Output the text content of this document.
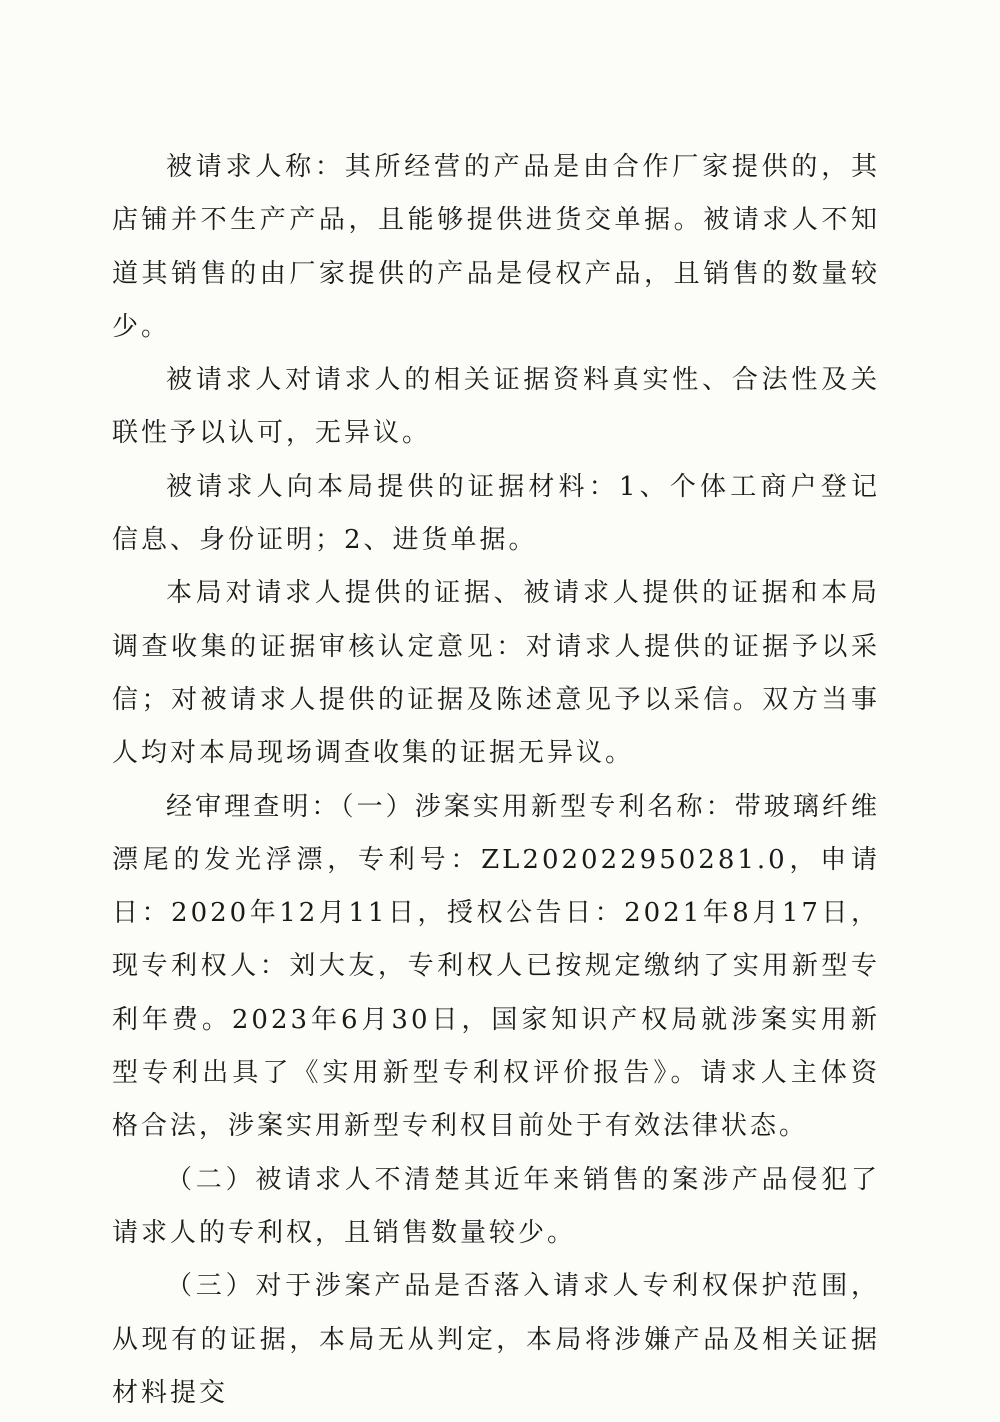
被请求人称：其所经营的产品是由合作厂家提供的，其店铺并不生产产品，且能够提供进货交单据。被请求人不知道其销售的由厂家提供的产品是侵权产品，且销售的数量较少。

被请求人对请求人的相关证据资料真实性、合法性及关联性予以认可，无异议。

被请求人向本局提供的证据材料：1、个体工商户登记信息、身份证明；2、进货单据。

本局对请求人提供的证据、被请求人提供的证据和本局调查收集的证据审核认定意见：对请求人提供的证据予以采信；对被请求人提供的证据及陈述意见予以采信。双方当事人均对本局现场调查收集的证据无异议。

经审理查明：（一）涉案实用新型专利名称：带玻璃纤维漂尾的发光浮漂，专利号：ZL202022950281.0，申请日：2020年12月11日，授权公告日：2021年8月17日，现专利权人：刘大友，专利权人已按规定缴纳了实用新型专利年费。2023年6月30日，国家知识产权局就涉案实用新型专利出具了《实用新型专利权评价报告》。请求人主体资格合法，涉案实用新型专利权目前处于有效法律状态。

（二）被请求人不清楚其近年来销售的案涉产品侵犯了请求人的专利权，且销售数量较少。

（三）对于涉案产品是否落入请求人专利权保护范围，从现有的证据，本局无从判定，本局将涉嫌产品及相关证据材料提交
